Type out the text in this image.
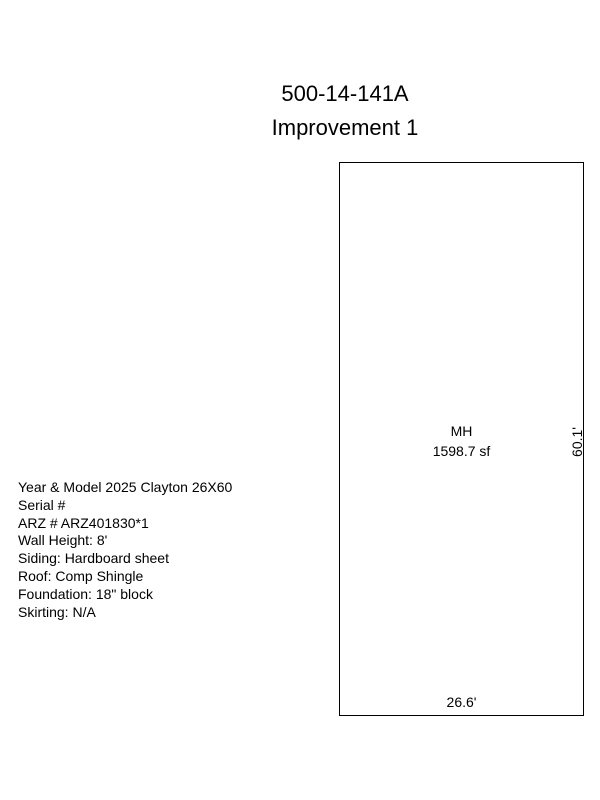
500-14-141A
Improvement 1
MH
1598.7 sf	60.1'
26.6'
Year & Model 2025 Clayton 26X60
Serial #
ARZ # ARZ401830*1
Wall Height: 8'
Siding: Hardboard sheet
Roof: Comp Shingle
Foundation: 18" block
Skirting: N/A
